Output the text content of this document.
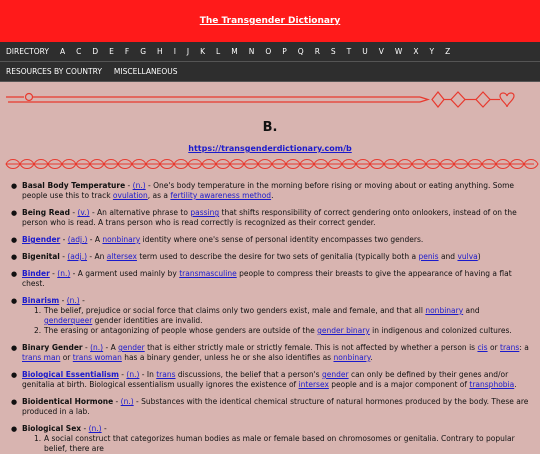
The Transgender Dictionary
DIRECTORY A C D E F G H I J K L M N O P Q R S T U V W X Y Z
RESOURCES BY COUNTRY MISCELLANEOUS
B.
https://transgenderdictionary.com/b
● Basal Body Temperature - (n.) - One's body temperature in the morning before rising or moving about or eating anything. Some people use this to track ovulation, as a fertility awareness method.
● Being Read - (v.) - An alternative phrase to passing that shifts responsibility of correct gendering onto onlookers, instead of on the person who is read. A trans person who is read correctly is recognized as their correct gender.
● Bigender - (adj.) - A nonbinary identity where one's sense of personal identity encompasses two genders.
● Bigenital - (adj.) - An altersex term used to describe the desire for two sets of genitalia (typically both a penis and vulva)
● Binder - (n.) - A garment used mainly by transmasculine people to compress their breasts to give the appearance of having a flat chest.
● Binarism - (n.) -
1. The belief, prejudice or social force that claims only two genders exist, male and female, and that all nonbinary and genderqueer gender identities are invalid.
2. The erasing or antagonizing of people whose genders are outside of the gender binary in indigenous and colonized cultures.
● Binary Gender - (n.) - A gender that is either strictly male or strictly female. This is not affected by whether a person is cis or trans: a trans man or trans woman has a binary gender, unless he or she also identifies as nonbinary.
● Biological Essentialism - (n.) - In trans discussions, the belief that a person's gender can only be defined by their genes and/or genitalia at birth. Biological essentialism usually ignores the existence of intersex people and is a major component of transphobia.
● Bioidentical Hormone - (n.) - Substances with the identical chemical structure of natural hormones produced by the body. These are produced in a lab.
● Biological Sex - (n.) -
1. A social construct that categorizes human bodies as male or female based on chromosomes or genitalia. Contrary to popular belief, there are
